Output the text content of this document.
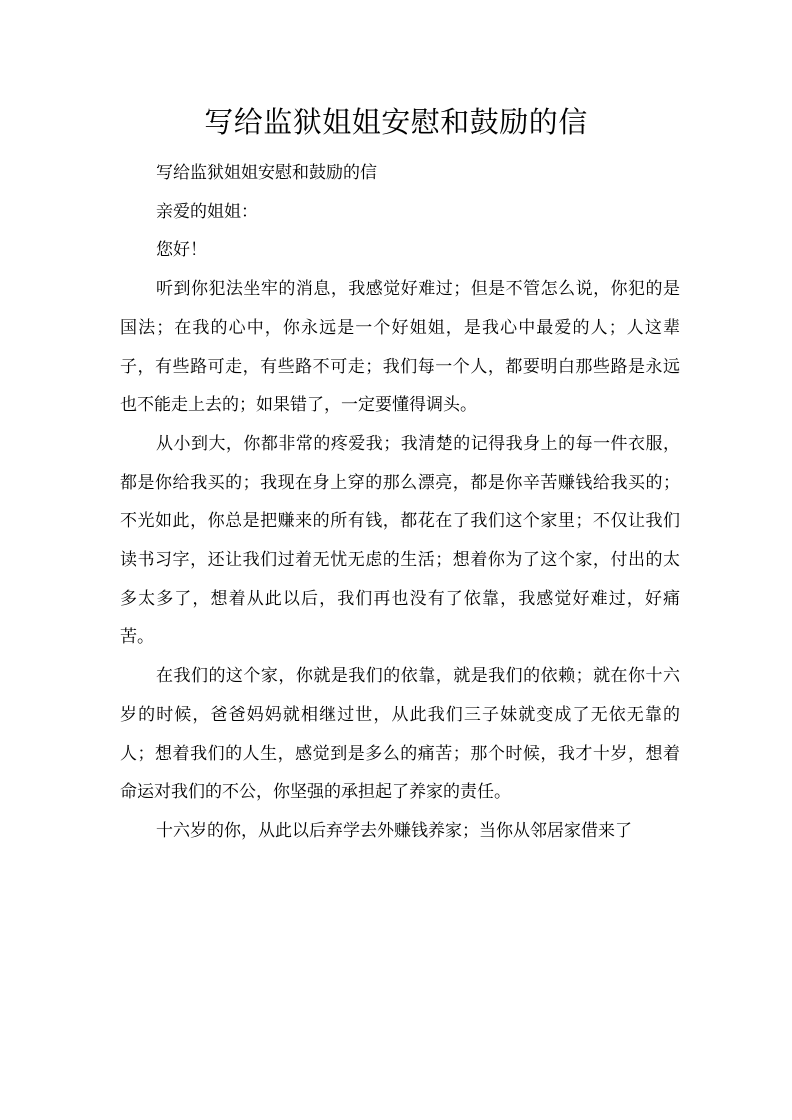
写给监狱姐姐安慰和鼓励的信

写给监狱姐姐安慰和鼓励的信

亲爱的姐姐：

您好！

听到你犯法坐牢的消息，我感觉好难过；但是不管怎么说，你犯的是国法；在我的心中，你永远是一个好姐姐，是我心中最爱的人；人这辈子，有些路可走，有些路不可走；我们每一个人，都要明白那些路是永远也不能走上去的；如果错了，一定要懂得调头。

从小到大，你都非常的疼爱我；我清楚的记得我身上的每一件衣服，都是你给我买的；我现在身上穿的那么漂亮，都是你辛苦赚钱给我买的；不光如此，你总是把赚来的所有钱，都花在了我们这个家里；不仅让我们读书习字，还让我们过着无忧无虑的生活；想着你为了这个家，付出的太多太多了，想着从此以后，我们再也没有了依靠，我感觉好难过，好痛苦。

在我们的这个家，你就是我们的依靠，就是我们的依赖；就在你十六岁的时候，爸爸妈妈就相继过世，从此我们三子妹就变成了无依无靠的人；想着我们的人生，感觉到是多么的痛苦；那个时候，我才十岁，想着命运对我们的不公，你坚强的承担起了养家的责任。

十六岁的你，从此以后弃学去外赚钱养家；当你从邻居家借来了
